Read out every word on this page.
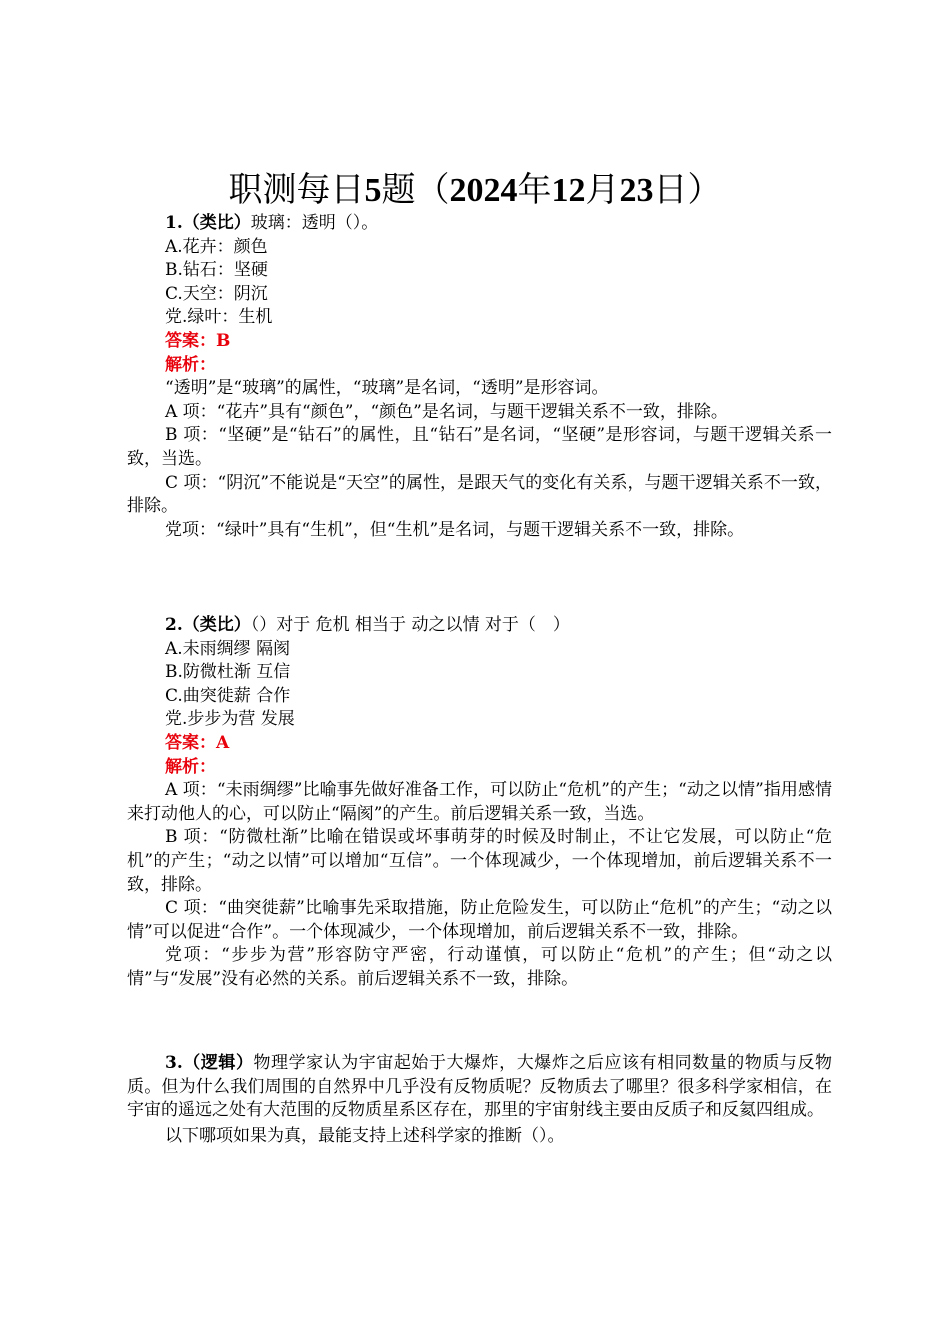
职测每日5题（2024年12月23日）
1.（类比）玻璃：透明（）。
A.花卉：颜色
B.钻石：坚硬
C.天空：阴沉
党.绿叶：生机
答案：B
解析：
“透明”是“玻璃”的属性，“玻璃”是名词，“透明”是形容词。
A 项：“花卉”具有“颜色”，“颜色”是名词，与题干逻辑关系不一致，排除。
B 项：“坚硬”是“钻石”的属性，且“钻石”是名词，“坚硬”是形容词，与题干逻辑关系一致，当选。
C 项：“阴沉”不能说是“天空”的属性，是跟天气的变化有关系，与题干逻辑关系不一致，排除。
党项：“绿叶”具有“生机”，但“生机”是名词，与题干逻辑关系不一致，排除。
2.（类比）（）对于 危机 相当于 动之以情 对于（　）
A.未雨绸缪 隔阂
B.防微杜渐 互信
C.曲突徙薪 合作
党.步步为营 发展
答案：A
解析：
A 项：“未雨绸缪”比喻事先做好准备工作，可以防止“危机”的产生；“动之以情”指用感情来打动他人的心，可以防止“隔阂”的产生。前后逻辑关系一致，当选。
B 项：“防微杜渐”比喻在错误或坏事萌芽的时候及时制止，不让它发展，可以防止“危机”的产生；“动之以情”可以增加“互信”。一个体现减少，一个体现增加，前后逻辑关系不一致，排除。
C 项：“曲突徙薪”比喻事先采取措施，防止危险发生，可以防止“危机”的产生；“动之以情”可以促进“合作”。一个体现减少，一个体现增加，前后逻辑关系不一致，排除。
党项：“步步为营”形容防守严密，行动谨慎，可以防止“危机”的产生；但“动之以情”与“发展”没有必然的关系。前后逻辑关系不一致，排除。
3.（逻辑）物理学家认为宇宙起始于大爆炸，大爆炸之后应该有相同数量的物质与反物质。但为什么我们周围的自然界中几乎没有反物质呢？反物质去了哪里？很多科学家相信，在宇宙的遥远之处有大范围的反物质星系区存在，那里的宇宙射线主要由反质子和反氦四组成。
以下哪项如果为真，最能支持上述科学家的推断（）。
